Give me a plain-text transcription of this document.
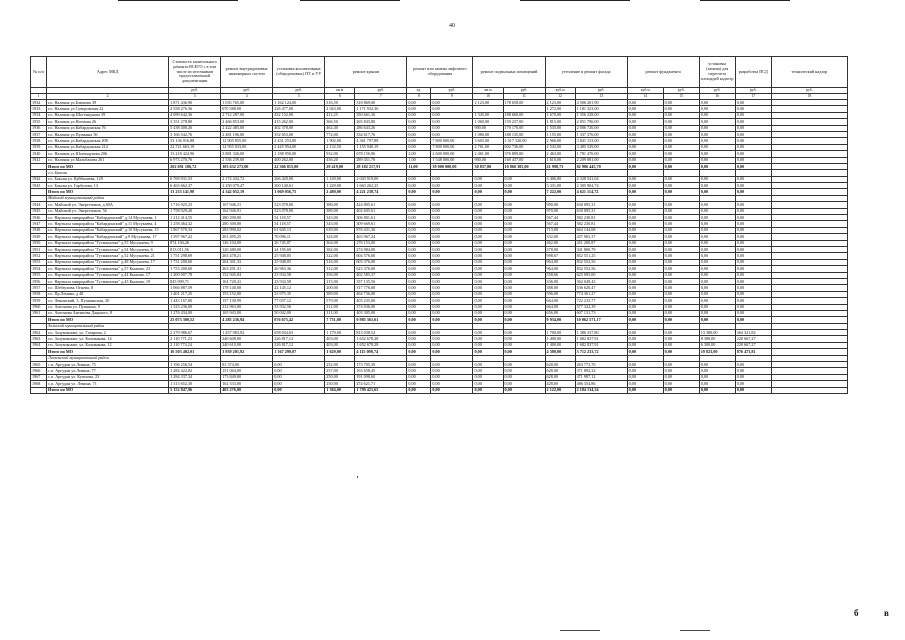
40
№ п/п	Адрес МКД	Стоимость капитального ремонта ВСЕГО с в том числе из источников предоставленной документации	ремонт внутридомовых инженерных систем	установка коллективных (общедомовых) ПУ и УУ	ремонт крыши		ремонт или замена лифтового оборудования		ремонт подвальных помещений		утепление и ремонт фасада		ремонт фундамента		установка (замена) для пересчета площадей кадастр	разработка ПСД	технический надзор
		руб.	руб.	руб.	кв.м	руб.	ед.	руб.	кв.м	руб.	куб.м	руб.	куб.м	руб.	руб.	руб.	руб.
1	2	3	4	5	6	7	8	9	10	11	12	13	14	15	16	17	18
1932	г.о. Нальчик ул.Блюкова 39	1 871 436,90	1 035 765,00	1 162 124,00	316,50	318 869,00	0,00	0,00	2 123,00	178 658,00	2 123,00	4 506 281,90	0,00	0,00	0,00	0,00	
1933	г.о. Нальчик ул.Суворовская 22	2 558 276,36	670 388,00	226 477,00	2 043,00	1 171 932,36	0,00	0,00			1 272,00	1 181 323,00	0,00	0,00	0,00	0,00	
1934	г.о. Нальчик пр.Шогенцукова 39	4 699 642,36	2 712 287,00	432 152,00	412,25	350 661,36	0,00	0,00	1 345,00	188 660,00	1 670,00	1 356 228,00	0,00	0,00	0,00	0,00	
1935	г.о. Нальчик ул.Ногмова 26	3 351 278,80	2 466 853,00	415 262,00	366,50	265 843,80	0,00	0,00	1 060,00	159 237,00	1 815,00	2 051 796,00	0,00	0,00	0,00	0,00	
1936	г.о. Нальчик ул.Кабардинская 76	5 438 400,26	2 422 485,00	402 378,00	462,40	286 643,26	0,00	0,00	900,00	170 170,00	1 535,00	2 006 726,00	0,00	0,00	0,00	0,00	
1937	г.о. Нальчик ул.Пушкина 56	3 166 542,76	2 481 106,00	352 653,00	772,00	334 617,76	0,00	0,00	1 080,00	188 135,00	1 155,00	1 337 376,00	0,00	0,00	0,00	0,00	
1938	г.о. Нальчик ул.Кабардинская 208	33 136 916,88	12 905 855,00	2 431 253,00	1 902,00	4 361 797,88	0,00	7 800 000,00	3 603,00	1 017 320,00	2 966,00	3 841 133,00	0,00	0,00	0,00	0,00	
1939	г.о. Нальчик ул.Кабардинская 214	22 721 663,19	12 955 033,00	2 445 954,00	2 132,50	1 155 940,19	0,00	7 800 000,00	2 761,00	602 736,00	2 543,00	3 485 529,00	0,00	0,00	0,00	0,00	
1940	г.о. Нальчик ул.Шогенцукова 206	13 218 424,96	3 881 326,00	1 188 956,00	932,00	678 156,96	2,00	2 600 000,00	2 461,00	376 899,00	2 463,00	1 781 476,00	0,00	0,00	0,00	0,00	
1941	г.о. Нальчик ул.Мальбахова 261	6 973 270,76	2 536 239,00	400 262,00	436,20	289 451,76	1,00	1 548 000,00	900,00	169 437,00	1 610,00	2 209 881,00	0,00	0,00	0,00	0,00	
	Итого по МО	202 691 186,72	103 632 273,00	22 366 815,00	29 419,00	29 182 217,91	11,00	39 000 000,00	30 837,00	10 868 385,00	21 998,73	82 986 445,70	0,00	0,00	0,00	0,00	
	г.о. Баксан																
1942	г.о. Баксан ул. Куйбышева, 129	6 769 931,53	2 172 432,72	266 420,00	1 149,00	2 043 919,00	0,00	0,00	0,00	0,00	3 406,00	2 328 541,04	0,00	0,00	0,00	0,00	
1943	г.о. Баксан ул. Гарбузова, 13	6 463 662,37	2 250 079,47	300 140,61	1 229,00	1 663 262,25	0,00	0,00	0,00	0,00	3 331,00	2 305 904,74	0,00	0,00	0,00	0,00	
	Итого по МО	13 233 141,90	4 342 052,19	1 069 056,75	2 480,00	4 221 238,74	0,00	0,00	0,00	0,00	7 222,00	4 621 114,72	0,00	0,00	0,00	0,00	
	Майский муниципальный район																
1944	г.п. Майский ул. Энергетиков, д.60А	1 716 925,23	167 946,31	523 078,00	380,00	424 805,61	0,00	0,00	0,00	0,00	990,00	630 095,31	0,00	0,00	0,00	0,00	
1945	г.п. Майский ул. Энергетиков, 56	1 758 929,20	162 946,91	523 078,00	389,00	402 605,61	0,00	0,00	0,00	0,00	970,00	630 095,31	0,00	0,00	0,00	0,00	
1946	г.о. Нарткала микрорайон "Кабардинский" д.14 Мусукаева, 1	1 212 414,55	280 290,00	54 118,57	343,00	306 801,61	0,00	0,00	0,00	0,00	567,44	582 230,81	0,00	0,00	0,00	0,00	
1947	г.о. Нарткала микрорайон "Кабардинский" д.11 Мусукаева, 4	1 258 464,32	280 300,00	54 118,57	343,00	309 669,61	0,00	0,00	0,00	0,00	567,44	582 230,81	0,00	0,00	0,00	0,00	
1948	г.о. Нарткала микрорайон "Кабардинский" д.10 Мусукаева, 15	1 867 570,34	283 990,02	61 645,13	639,00	876 431,36	0,00	0,00	0,00	0,00	713,00	664 144,68	0,00	0,00	0,00	0,00	
1949	г.о. Нарткала микрорайон "Кабардинский" д.9 Мусукаева, 17	1 397 967,22	201 495,25	70 096,11	324,00	463 967,24	0,00	0,00	0,00	0,00	332,00	437 965,37	0,00	0,00	0,00	0,00	
1950	г.о. Нарткала микрорайон "Гусмашочка" д.55 Мусукаева, 9	874 104,26	126 104,00	26 745,87	364,00	276 153,00	0,00	0,00	0,00	0,00	462,00	451 200,87	0,00	0,00	0,00	0,00	
1951	г.о. Нарткала микрорайон "Гусмашочка" д.54 Мусукаева, 6	813 011,56	120 480,00	24 195,69	382,00	274 984,00	0,00	0,00	0,00	0,00	378,00	341 800,79	0,00	0,00	0,00	0,00	
1952	г.о. Нарткала микрорайон "Гусмашочка" д.52 Мусукаева, 21	1 751 298,69	263 478,21	25 948,05	322,00	604 576,00	0,00	0,00	0,00	0,00	998,67	852 551,25	0,00	0,00	0,00	0,00	
1953	г.о. Нарткала микрорайон "Гусмашочка" д.48 Мусукаева, 17	1 731 200,60	264 301,33	25 948,05	316,00	603 376,00	0,00	0,00	0,00	0,00	964,00	832 552,56	0,00	0,00	0,00	0,00	
1954	г.о. Нарткала микрорайон "Гусмашочка" д.57 Кыжова, 23	1 753 200,60	263 291,31	26 963,36	312,00	623 376,00	0,00	0,00	0,00	0,00	964,00	832 552,56	0,00	0,00	0,00	0,00	
1955	г.о. Нарткала микрорайон "Гусмашочка" д.44 Кыжова, 17	1 200 007,78	152 945,04	23 934,58	356,00	402 585,37	0,00	0,00	0,00	0,00	558,66	625 095,00	0,00	0,00	0,00	0,00	
1956	г.о. Нарткала микрорайон "Гусмашочка" д.43 Кыжова, 19	845 909,71	104 720,41	23 934,58	215,00	357 135,56	0,00	0,00	0,00	0,00	336,00	362 049,43	0,00	0,00	0,00	0,00	
1957	г.о. Шебзухова, Огнева, 8	1 066 887,59	178 140,00	22 145,12	200,00	317 776,00	0,00	0,00	0,00	0,00	388,00	536 620,47	0,00	0,00	0,00	0,00	
1958	г.о. Пр.Ленина, д 48	1 401 217,25	153 152,00	23 975,35	389,00	464 736,00	0,00	0,00	0,00	0,00	596,00	774 361,27	0,00	0,00	0,00	0,00	
1959	г.о. Ленинский, 3, Пушкинская, 20	1 443 167,00	157 130,99	77 037,12	579,00	403 235,00	0,00	0,00	0,00	0,00	664,00	722 233,77	0,00	0,00	0,00	0,00	
1960	г.о. Антонова ул. Пушкина, 9	1 323 236,00	312 963,00	33 932,56	312,00	374 036,00	0,00	0,00	0,00	0,00	664,00	577 322,39	0,00	0,00	0,00	0,00	
1961	г.о. Антонова Антипова Дацького, 8	1 276 434,00	165 943,00	50 042,00	311,00	403 305,00	0,00	0,00	0,00	0,00	656,00	607 131,73	0,00	0,00	0,00	0,00	
	Итого по МО	25 073 300,52	4 285 236,94	876 675,42	7 731,00	9 985 361,61	0,00	0,00	0,00	0,00	9 934,00	10 062 571,17	0,00	0,00	0,00	0,00	
	Зольский муниципальный район																
1962	г.п. Залукокоаже, ул. Гагарина, 2	2 279 986,67	1 457 983,92	658 034,63	1 179,00	813 038,52	0,00	0,00	0,00	0,00	1 700,00	1 386 337,80	0,00	0,00	13 380,00	364 321,82	
1963	г.п. Залукокоаже, ул. Калмыкова, 14	2 110 771,23	240 608,00	226 817,12	403,00	1 652 678,28	0,00	0,00	0,00	0,00	1 400,00	1 682 837,91	0,00	0,00	8 380,00	220 667,27	
1964	г.п. Залукокоаже, ул. Калмыкова, 12	2 110 774,24	240 610,00	226 817,12	403,00	1 652 678,28	0,00	0,00	0,00	0,00	1 400,00	1 682 837,91	0,00	0,00	6 300,00	220 667,27	
	Итого по МО	16 503 402,01	3 939 201,92	1 167 299,07	1 629,00	4 115 098,74	0,00	0,00	0,00	0,00	4 380,00	3 712 233,72	0,00	0,00	19 823,00	876 473,81	
	Лескенский муниципальный район																
1965	с.п. Аргудан ул.Ленина, 75	1 196 256,54	81 374,00	0,00	252,00	173 705,39	0,00	0,00	0,00	0,00	628,00	263 773,70	0,00	0,00	0,00	0,00	
1966	с.п. Аргудан ул.Ленина, 77	1 284 422,82	151 064,00	0,00	257,00	163 658,45	0,00	0,00	0,00	0,00	628,00	371 892,32	0,00	0,00	0,00	0,00	
1967	с.п. Аргудан ул. Кушхова, 23	1 284 337,34	173 849,00	0,00	250,00	191 098,60	0,00	0,00	0,00	0,00	628,00	471 987,12	0,00	0,00	0,00	0,00	
1968	с.п. Аргудан ул. Ленина, 71	1 313 652,30	162 333,00	0,00	250,00	274 621,71	0,00	0,00	0,00	0,00	428,00	486 354,86	0,00	0,00	0,00	0,00	
	Итого по МО	5 152 847,96	403 276,00	0,00	1 384,00	1 799 421,65	0,00	0,00	0,00	0,00	2 122,00	2 184 134,34	0,00	0,00	0,00	0,00	
б	в
